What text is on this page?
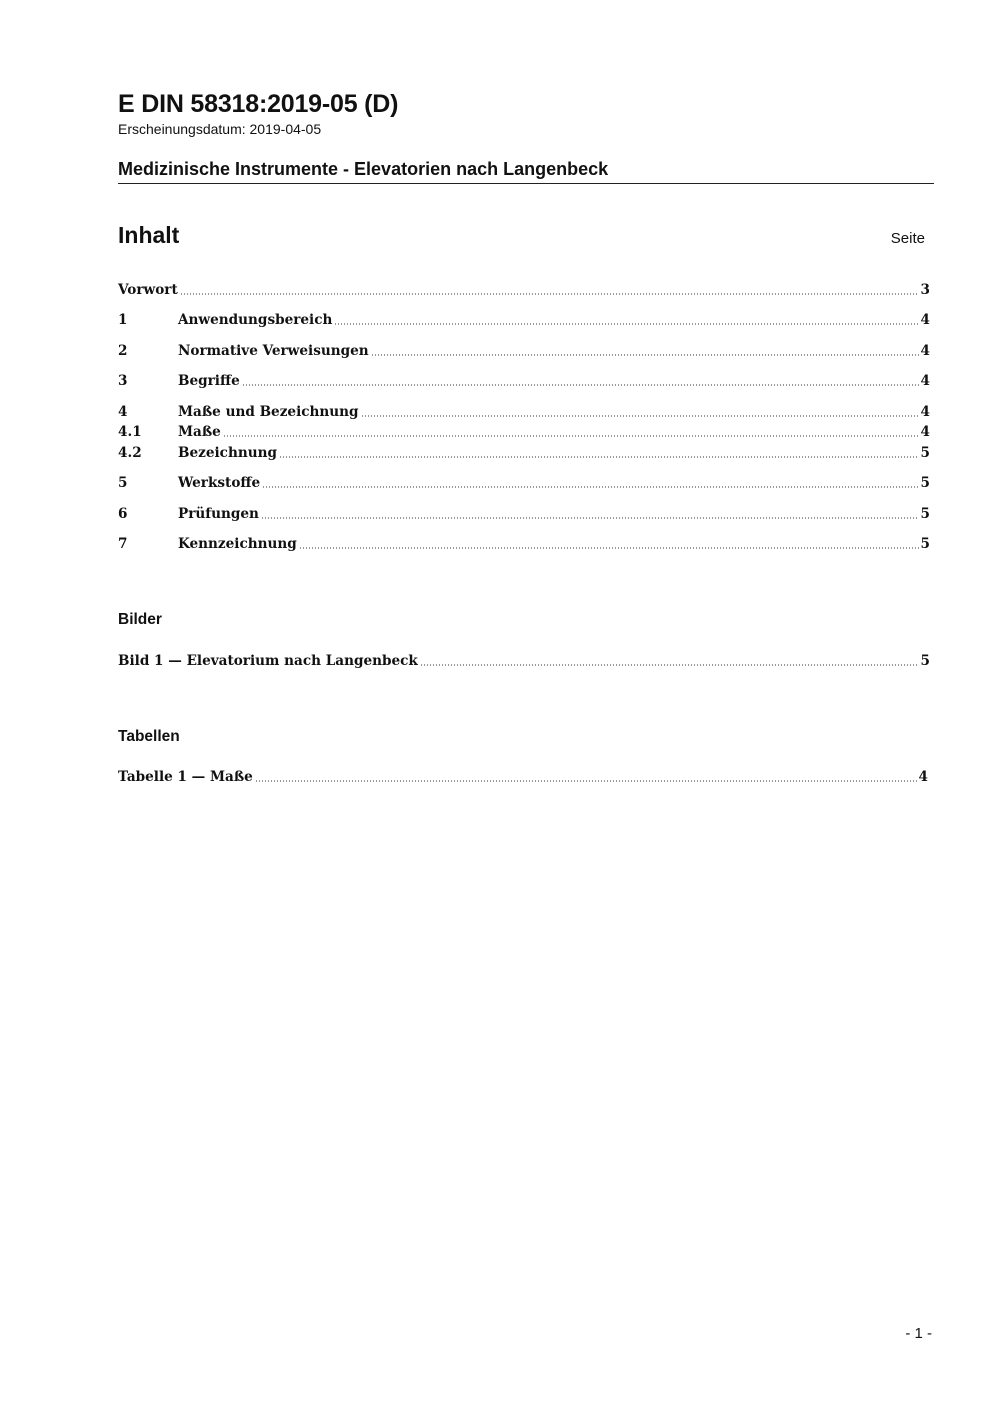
E DIN 58318:2019-05 (D)

Erscheinungsdatum: 2019-04-05

Medizinische Instrumente - Elevatorien nach Langenbeck
Inhalt	Seite
Vorwort	3
1	Anwendungsbereich	4
2	Normative Verweisungen	4
3	Begriffe	4
4	Maße und Bezeichnung	4
4.1	Maße	4
4.2	Bezeichnung	5
5	Werkstoffe	5
6	Prüfungen	5
7	Kennzeichnung	5
Bilder
Bild 1 — Elevatorium nach Langenbeck	5
Tabellen
Tabelle 1 — Maße	4
- 1 -
